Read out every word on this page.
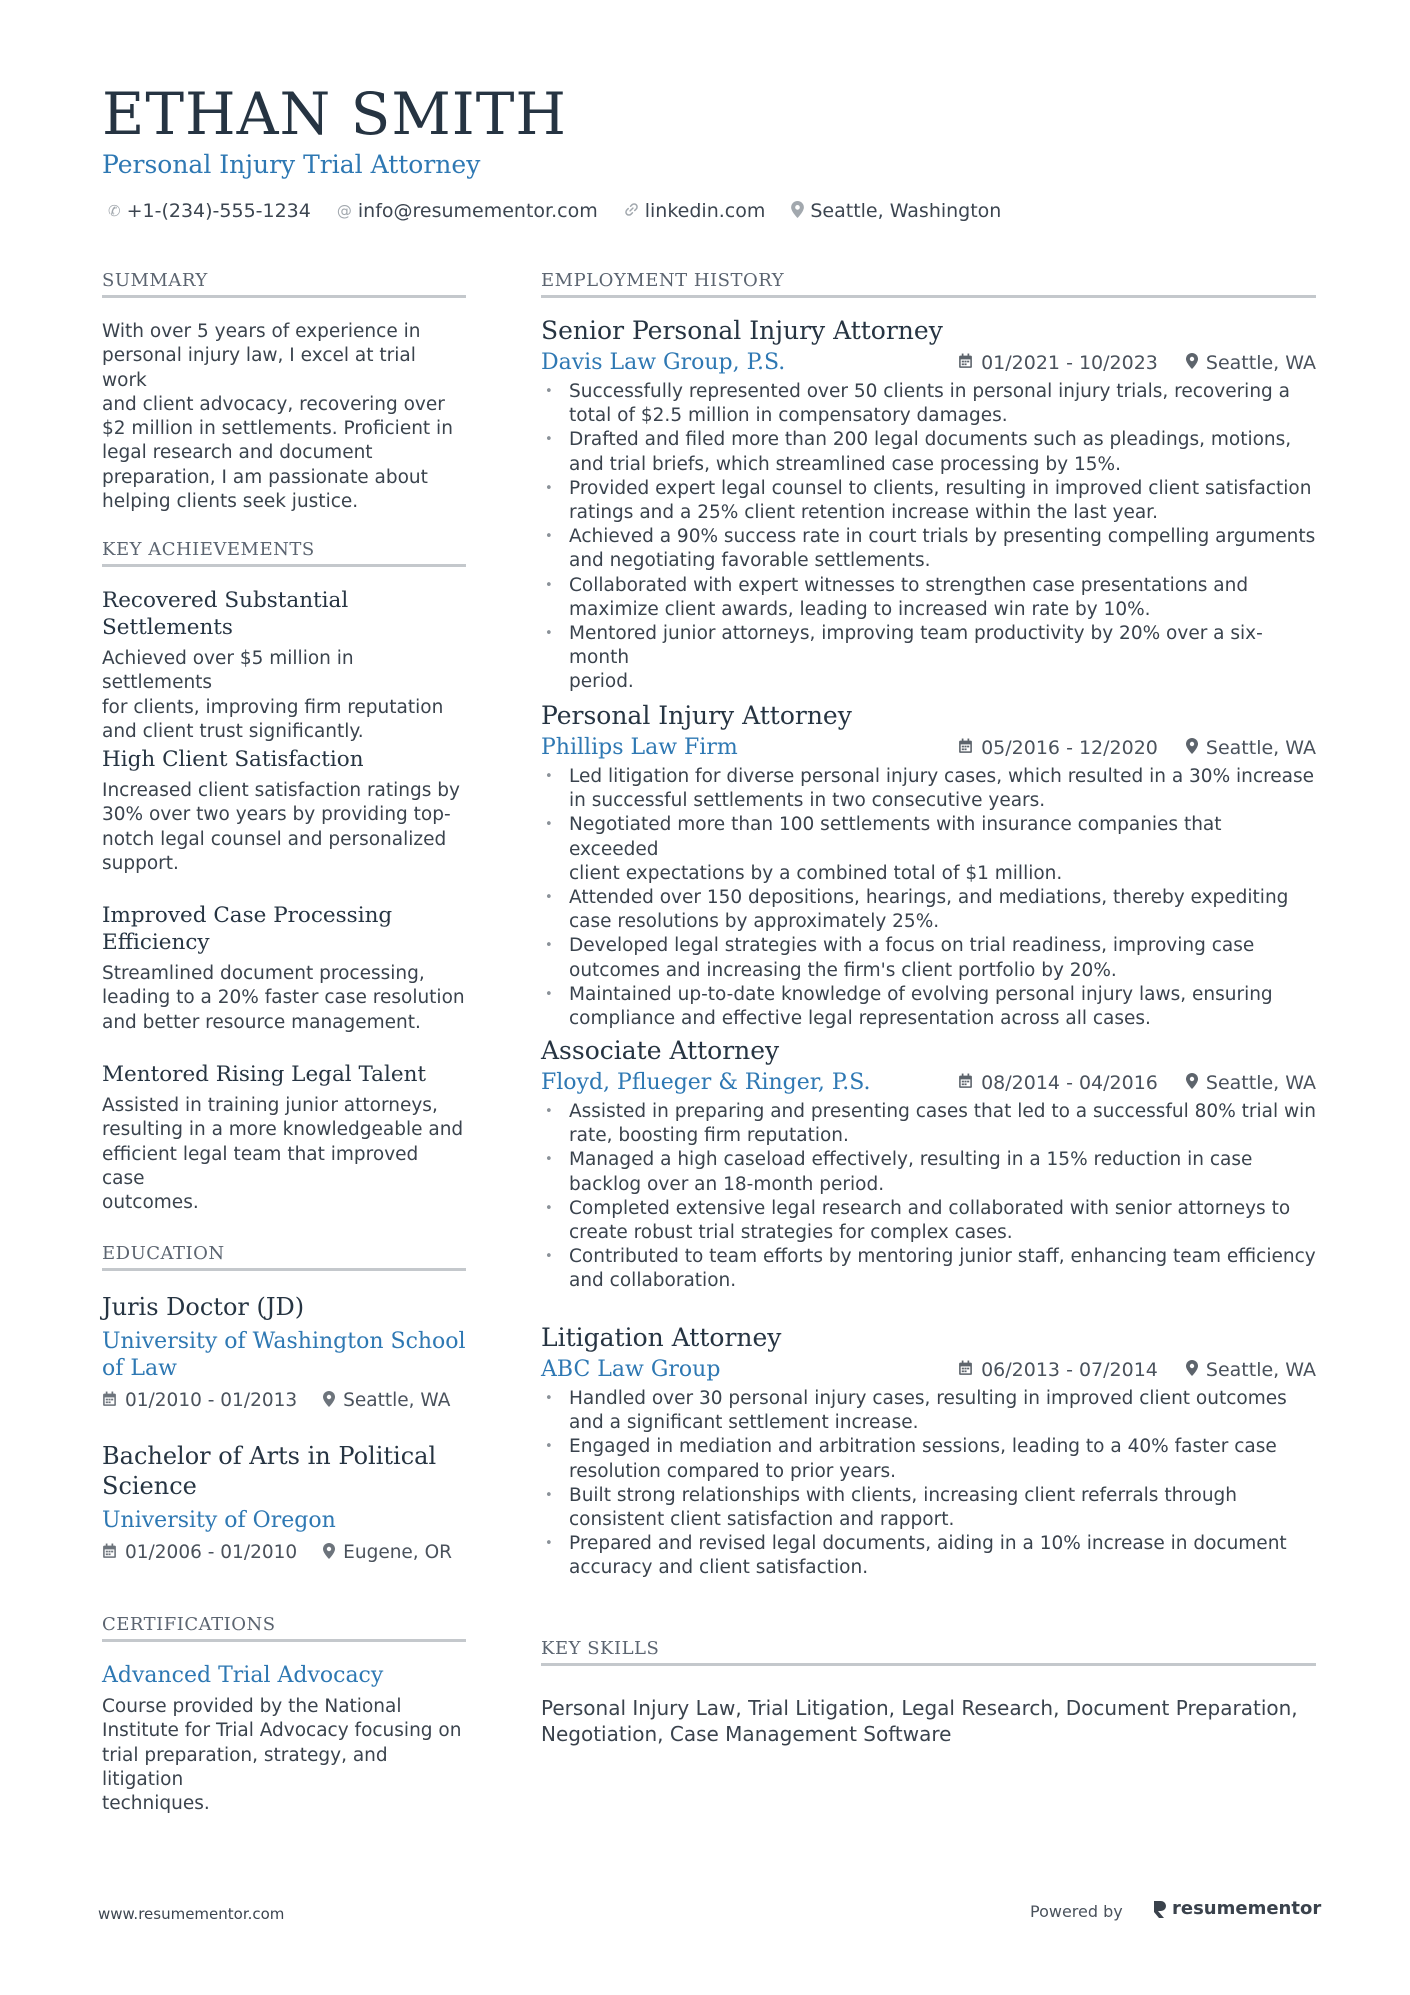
ETHAN SMITH
Personal Injury Trial Attorney
✆ +1-(234)-555-1234 @ info@resumementor.com linkedin.com Seattle, Washington
SUMMARY
With over 5 years of experience in
personal injury law, I excel at trial work
and client advocacy, recovering over
$2 million in settlements. Proficient in
legal research and document
preparation, I am passionate about
helping clients seek justice.
KEY ACHIEVEMENTS
Recovered Substantial
Settlements
Achieved over $5 million in settlements
for clients, improving firm reputation
and client trust significantly.
High Client Satisfaction
Increased client satisfaction ratings by
30% over two years by providing top-
notch legal counsel and personalized
support.
Improved Case Processing
Efficiency
Streamlined document processing,
leading to a 20% faster case resolution
and better resource management.
Mentored Rising Legal Talent
Assisted in training junior attorneys,
resulting in a more knowledgeable and
efficient legal team that improved case
outcomes.
EDUCATION
Juris Doctor (JD)
University of Washington School
of Law
01/2010 - 01/2013 Seattle, WA
Bachelor of Arts in Political
Science
University of Oregon
01/2006 - 01/2010 Eugene, OR
CERTIFICATIONS
Advanced Trial Advocacy
Course provided by the National
Institute for Trial Advocacy focusing on
trial preparation, strategy, and litigation
techniques.
EMPLOYMENT HISTORY
Senior Personal Injury Attorney
Davis Law Group, P.S.	01/2021 - 10/2023	Seattle, WA
• Successfully represented over 50 clients in personal injury trials, recovering a
total of $2.5 million in compensatory damages.
• Drafted and filed more than 200 legal documents such as pleadings, motions,
and trial briefs, which streamlined case processing by 15%.
• Provided expert legal counsel to clients, resulting in improved client satisfaction
ratings and a 25% client retention increase within the last year.
• Achieved a 90% success rate in court trials by presenting compelling arguments
and negotiating favorable settlements.
• Collaborated with expert witnesses to strengthen case presentations and
maximize client awards, leading to increased win rate by 10%.
• Mentored junior attorneys, improving team productivity by 20% over a six-month
period.
Personal Injury Attorney
Phillips Law Firm	05/2016 - 12/2020	Seattle, WA
• Led litigation for diverse personal injury cases, which resulted in a 30% increase
in successful settlements in two consecutive years.
• Negotiated more than 100 settlements with insurance companies that exceeded
client expectations by a combined total of $1 million.
• Attended over 150 depositions, hearings, and mediations, thereby expediting
case resolutions by approximately 25%.
• Developed legal strategies with a focus on trial readiness, improving case
outcomes and increasing the firm's client portfolio by 20%.
• Maintained up-to-date knowledge of evolving personal injury laws, ensuring
compliance and effective legal representation across all cases.
Associate Attorney
Floyd, Pflueger & Ringer, P.S.	08/2014 - 04/2016	Seattle, WA
• Assisted in preparing and presenting cases that led to a successful 80% trial win
rate, boosting firm reputation.
• Managed a high caseload effectively, resulting in a 15% reduction in case
backlog over an 18-month period.
• Completed extensive legal research and collaborated with senior attorneys to
create robust trial strategies for complex cases.
• Contributed to team efforts by mentoring junior staff, enhancing team efficiency
and collaboration.
Litigation Attorney
ABC Law Group	06/2013 - 07/2014	Seattle, WA
• Handled over 30 personal injury cases, resulting in improved client outcomes
and a significant settlement increase.
• Engaged in mediation and arbitration sessions, leading to a 40% faster case
resolution compared to prior years.
• Built strong relationships with clients, increasing client referrals through
consistent client satisfaction and rapport.
• Prepared and revised legal documents, aiding in a 10% increase in document
accuracy and client satisfaction.
KEY SKILLS
Personal Injury Law, Trial Litigation, Legal Research, Document Preparation,
Negotiation, Case Management Software
www.resumementor.com	Powered by	resumementor
